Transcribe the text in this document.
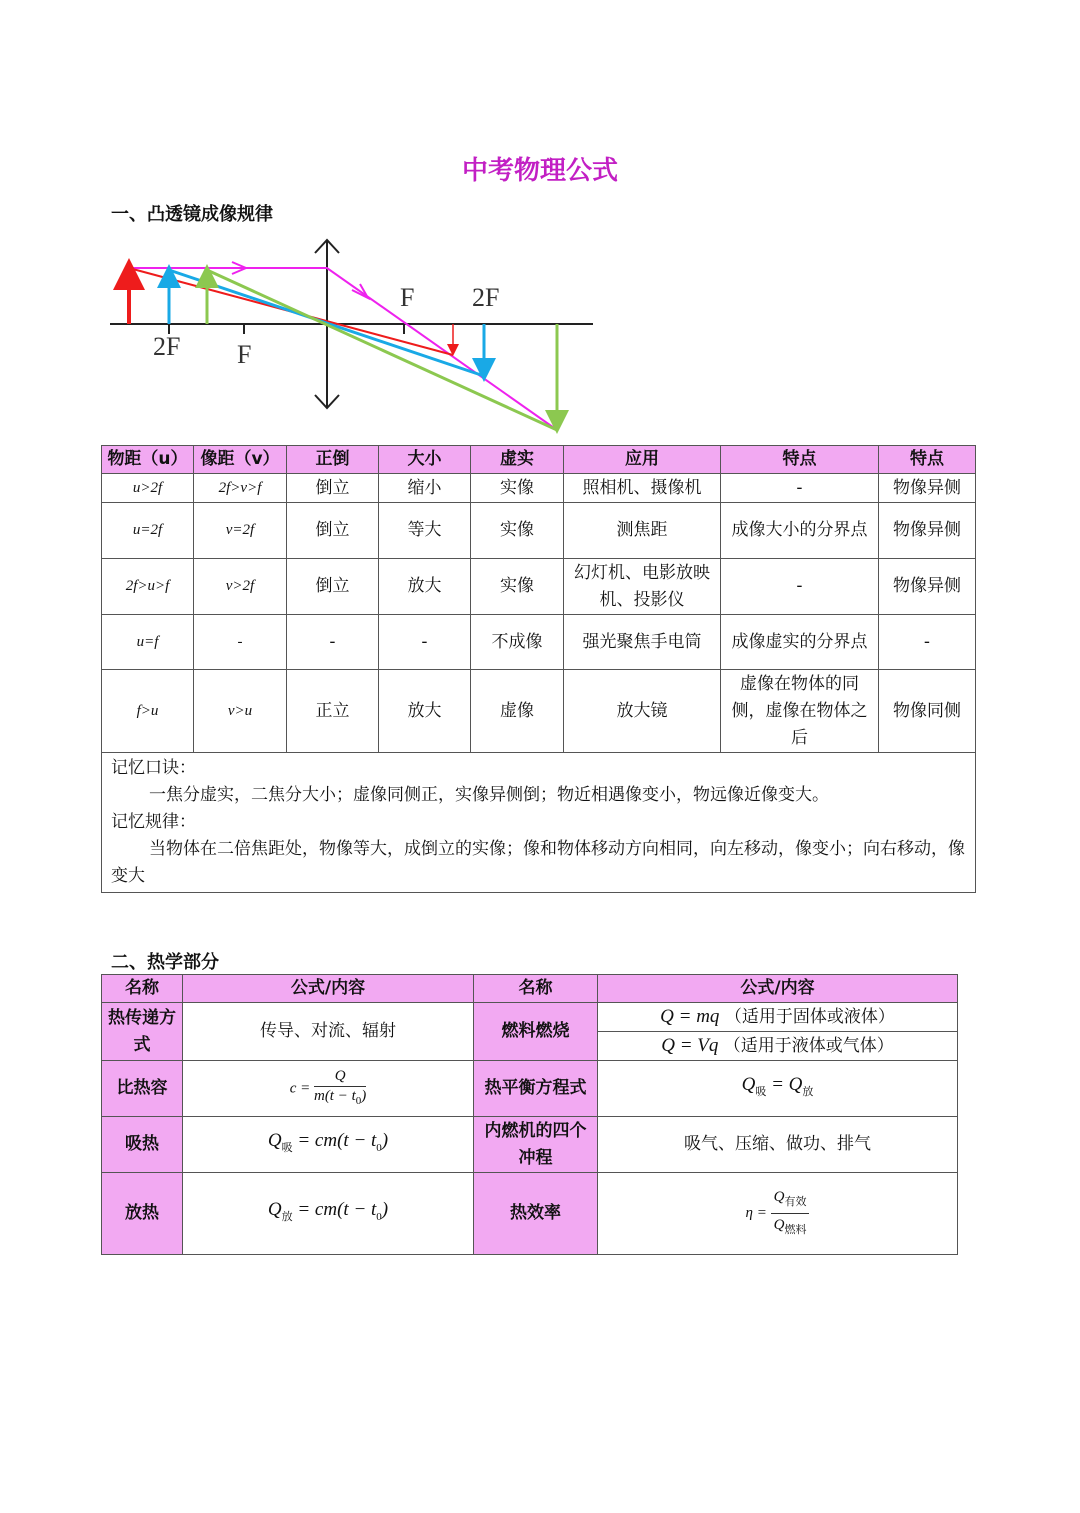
中考物理公式
一、凸透镜成像规律
2F F
F 2F
物距（u）	像距（v）	正倒	大小	虚实	应用	特点	特点
u>2f	2f>v>f	倒立	缩小	实像	照相机、摄像机	-	物像异侧
u=2f	v=2f	倒立	等大	实像	测焦距	成像大小的分界点	物像异侧
2f>u>f	v>2f	倒立	放大	实像	幻灯机、电影放映机、投影仪	-	物像异侧
u=f	-	-	-	不成像	强光聚焦手电筒	成像虚实的分界点	-
f>u	v>u	正立	放大	虚像	放大镜	虚像在物体的同侧，虚像在物体之后	物像同侧

记忆口诀：
一焦分虚实，二焦分大小；虚像同侧正，实像异侧倒；物近相遇像变小，物远像近像变大。
记忆规律：
当物体在二倍焦距处，物像等大，成倒立的实像；像和物体移动方向相同，向左移动，像变小；向右移动，像变大							
二、热学部分
名称	公式/内容	名称	公式/内容
热传递方式	传导、对流、辐射	燃料燃烧	Q = mq （适用于固体或液体）
			Q = Vq （适用于液体或气体）
比热容	$c = \frac{Q}{m(t - t_0)}$	热平衡方程式	$Q_吸 = Q_放$
吸热	$Q_吸 = cm(t - t_0)$	内燃机的四个冲程	吸气、压缩、做功、排气
放热	$Q_放 = cm(t - t_0)$	热效率	$\eta = \frac{Q_{有效}}{Q_{燃料}}$
